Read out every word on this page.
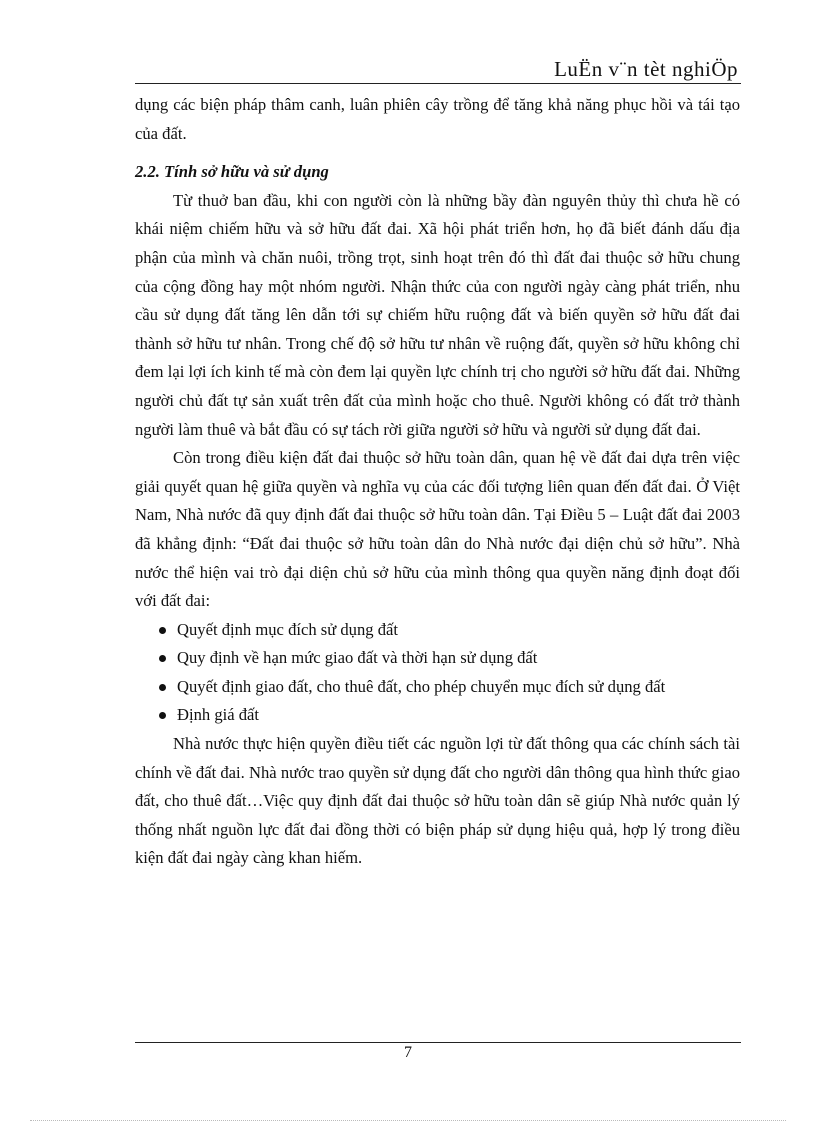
LuËn v¨n tèt nghiÖp

dụng các biện pháp thâm canh, luân phiên cây trồng để tăng khả năng phục hồi và tái tạo của đất.

2.2. Tính sở hữu và sử dụng

Từ thuở ban đầu, khi con người còn là những bầy đàn nguyên thủy thì chưa hề có khái niệm chiếm hữu và sở hữu đất đai. Xã hội phát triển hơn, họ đã biết đánh dấu địa phận của mình và chăn nuôi, trồng trọt, sinh hoạt trên đó thì đất đai thuộc sở hữu chung của cộng đồng hay một nhóm người. Nhận thức của con người ngày càng phát triển, nhu cầu sử dụng đất tăng lên dẫn tới sự chiếm hữu ruộng đất và biến quyền sở hữu đất đai thành sở hữu tư nhân. Trong chế độ sở hữu tư nhân về ruộng đất, quyền sở hữu không chỉ đem lại lợi ích kinh tế mà còn đem lại quyền lực chính trị cho người sở hữu đất đai. Những người chủ đất tự sản xuất trên đất của mình hoặc cho thuê. Người không có đất trở thành người làm thuê và bắt đầu có sự tách rời giữa người sở hữu và người sử dụng đất đai.

Còn trong điều kiện đất đai thuộc sở hữu toàn dân, quan hệ về đất đai dựa trên việc giải quyết quan hệ giữa quyền và nghĩa vụ của các đối tượng liên quan đến đất đai. Ở Việt Nam, Nhà nước đã quy định đất đai thuộc sở hữu toàn dân. Tại Điều 5 – Luật đất đai 2003 đã khẳng định: “Đất đai thuộc sở hữu toàn dân do Nhà nước đại diện chủ sở hữu”. Nhà nước thể hiện vai trò đại diện chủ sở hữu của mình thông qua quyền năng định đoạt đối với đất đai:

Quyết định mục đích sử dụng đất
Quy định về hạn mức giao đất và thời hạn sử dụng đất
Quyết định giao đất, cho thuê đất, cho phép chuyển mục đích sử dụng đất
Định giá đất

Nhà nước thực hiện quyền điều tiết các nguồn lợi từ đất thông qua các chính sách tài chính về đất đai. Nhà nước trao quyền sử dụng đất cho người dân thông qua hình thức giao đất, cho thuê đất…Việc quy định đất đai thuộc sở hữu toàn dân sẽ giúp Nhà nước quản lý thống nhất nguồn lực đất đai đồng thời có biện pháp sử dụng hiệu quả, hợp lý trong điều kiện đất đai ngày càng khan hiếm.

7
